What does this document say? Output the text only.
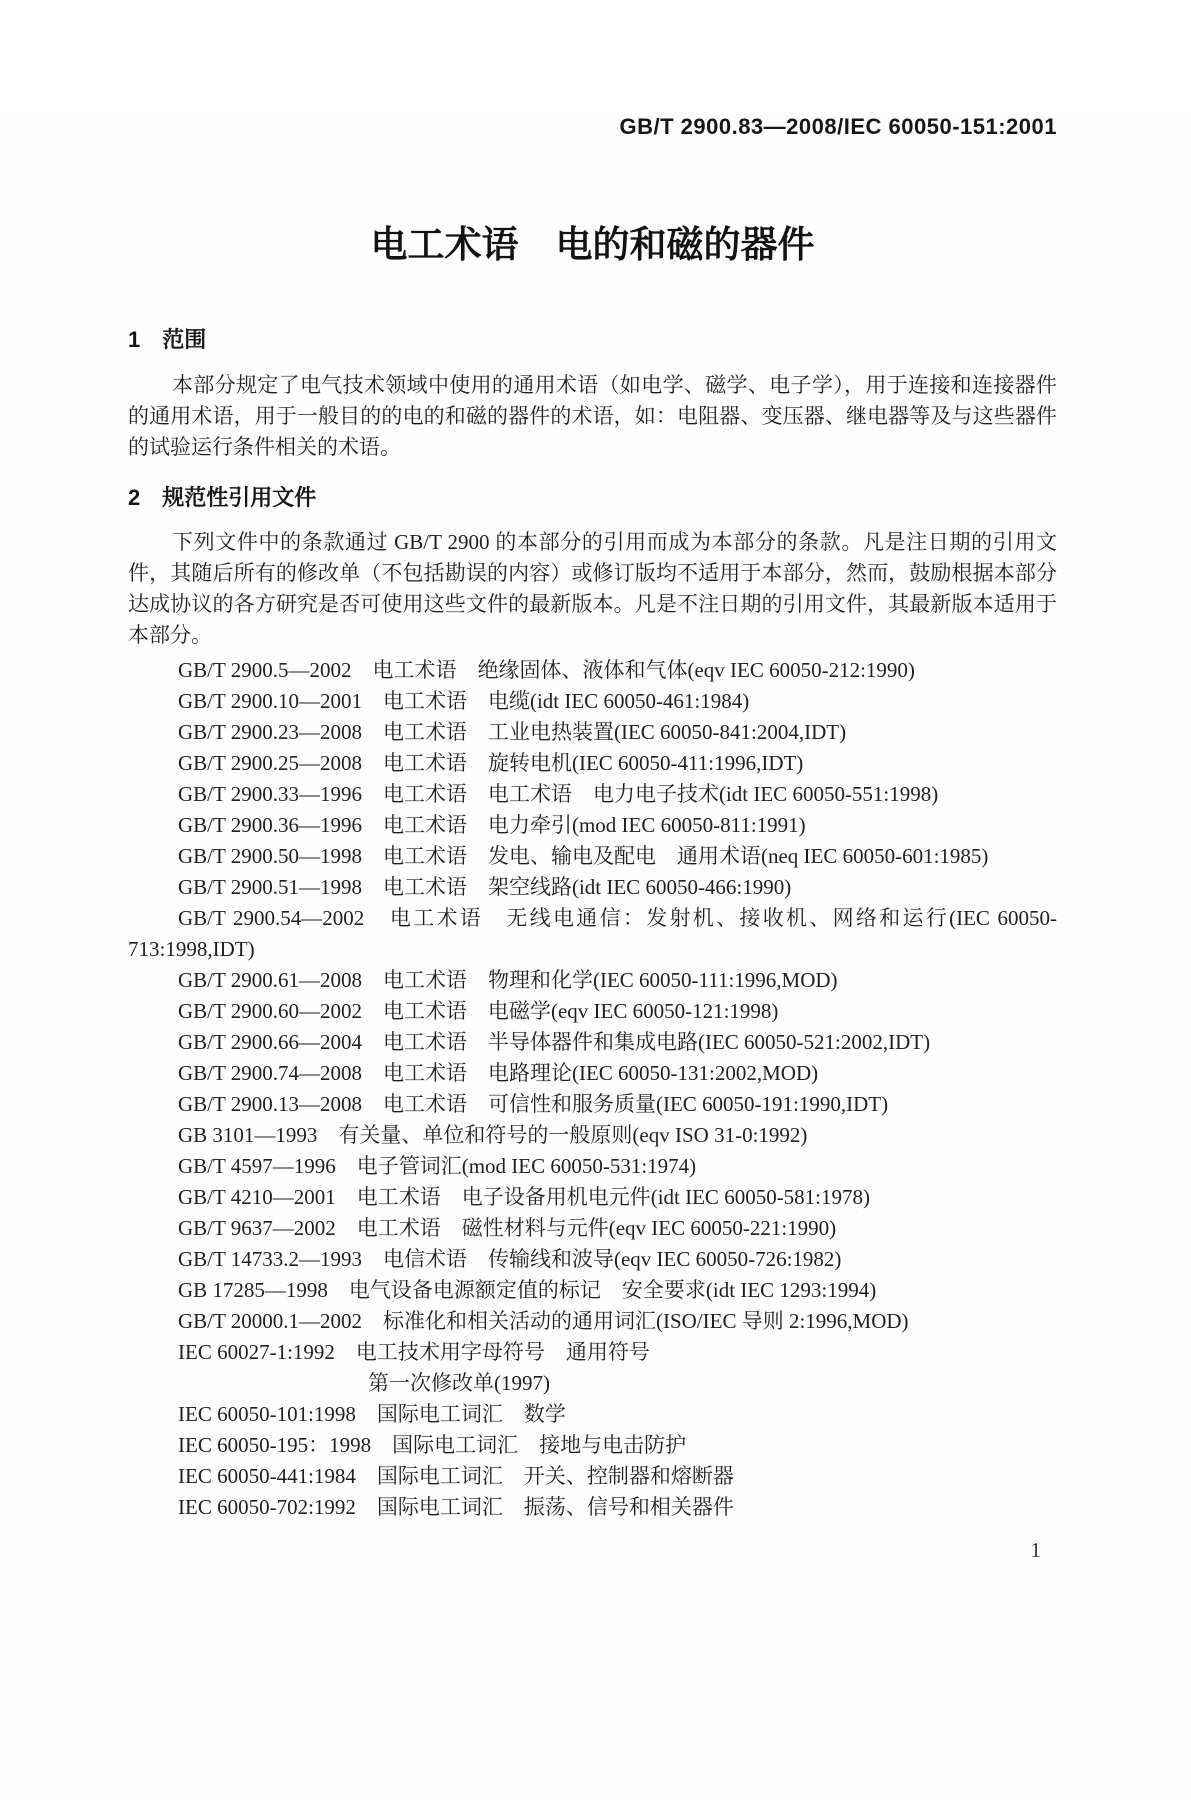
GB/T 2900.83—2008/IEC 60050-151:2001
电工术语　电的和磁的器件
1　范围

本部分规定了电气技术领域中使用的通用术语（如电学、磁学、电子学），用于连接和连接器件的通用术语，用于一般目的的电的和磁的器件的术语，如：电阻器、变压器、继电器等及与这些器件的试验运行条件相关的术语。

2　规范性引用文件

下列文件中的条款通过 GB/T 2900 的本部分的引用而成为本部分的条款。凡是注日期的引用文件，其随后所有的修改单（不包括勘误的内容）或修订版均不适用于本部分，然而，鼓励根据本部分达成协议的各方研究是否可使用这些文件的最新版本。凡是不注日期的引用文件，其最新版本适用于本部分。

GB/T 2900.5—2002　电工术语　绝缘固体、液体和气体(eqv IEC 60050-212:1990)
GB/T 2900.10—2001　电工术语　电缆(idt IEC 60050-461:1984)
GB/T 2900.23—2008　电工术语　工业电热装置(IEC 60050-841:2004,IDT)
GB/T 2900.25—2008　电工术语　旋转电机(IEC 60050-411:1996,IDT)
GB/T 2900.33—1996　电工术语　电工术语　电力电子技术(idt IEC 60050-551:1998)
GB/T 2900.36—1996　电工术语　电力牵引(mod IEC 60050-811:1991)
GB/T 2900.50—1998　电工术语　发电、输电及配电　通用术语(neq IEC 60050-601:1985)
GB/T 2900.51—1998　电工术语　架空线路(idt IEC 60050-466:1990)
GB/T 2900.54—2002　电工术语　无线电通信：发射机、接收机、网络和运行(IEC 60050-713:1998,IDT)
GB/T 2900.61—2008　电工术语　物理和化学(IEC 60050-111:1996,MOD)
GB/T 2900.60—2002　电工术语　电磁学(eqv IEC 60050-121:1998)
GB/T 2900.66—2004　电工术语　半导体器件和集成电路(IEC 60050-521:2002,IDT)
GB/T 2900.74—2008　电工术语　电路理论(IEC 60050-131:2002,MOD)
GB/T 2900.13—2008　电工术语　可信性和服务质量(IEC 60050-191:1990,IDT)
GB 3101—1993　有关量、单位和符号的一般原则(eqv ISO 31-0:1992)
GB/T 4597—1996　电子管词汇(mod IEC 60050-531:1974)
GB/T 4210—2001　电工术语　电子设备用机电元件(idt IEC 60050-581:1978)
GB/T 9637—2002　电工术语　磁性材料与元件(eqv IEC 60050-221:1990)
GB/T 14733.2—1993　电信术语　传输线和波导(eqv IEC 60050-726:1982)
GB 17285—1998　电气设备电源额定值的标记　安全要求(idt IEC 1293:1994)
GB/T 20000.1—2002　标准化和相关活动的通用词汇(ISO/IEC 导则 2:1996,MOD)
IEC 60027-1:1992　电工技术用字母符号　通用符号
第一次修改单(1997)
IEC 60050-101:1998　国际电工词汇　数学
IEC 60050-195：1998　国际电工词汇　接地与电击防护
IEC 60050-441:1984　国际电工词汇　开关、控制器和熔断器
IEC 60050-702:1992　国际电工词汇　振荡、信号和相关器件
1
